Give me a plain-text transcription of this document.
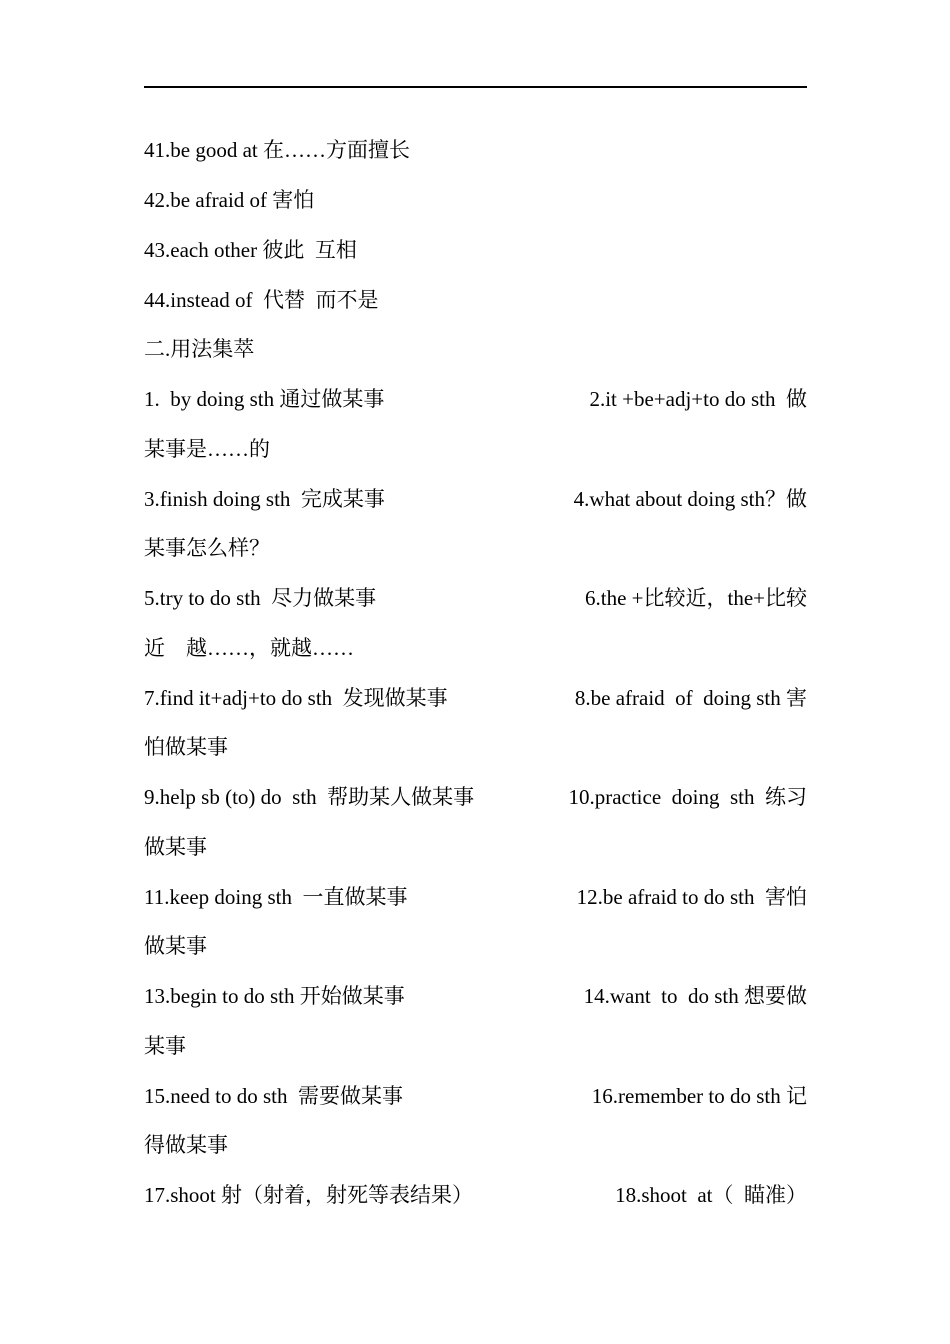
41.be good at 在……方面擅长
42.be afraid of 害怕
43.each other 彼此  互相
44.instead of  代替  而不是
二.用法集萃

1.  by doing sth 通过做某事

	2.it +be+adj+to do sth  做

某事是……的

3.finish doing sth  完成某事

	4.what about doing sth？做

某事怎么样？

5.try to do sth  尽力做某事

	6.the +比较近，the+比较

近    越……，就越……

7.find it+adj+to do sth  发现做某事

	8.be afraid  of  doing sth 害

怕做某事

9.help sb (to) do  sth  帮助某人做某事

	10.practice  doing  sth  练习

做某事

11.keep doing sth  一直做某事

	12.be afraid to do sth  害怕

做某事

13.begin to do sth 开始做某事

	14.want  to  do sth 想要做

某事

15.need to do sth  需要做某事

	16.remember to do sth 记

得做某事

17.shoot 射（射着，射死等表结果）

	18.shoot  at（  瞄准）
